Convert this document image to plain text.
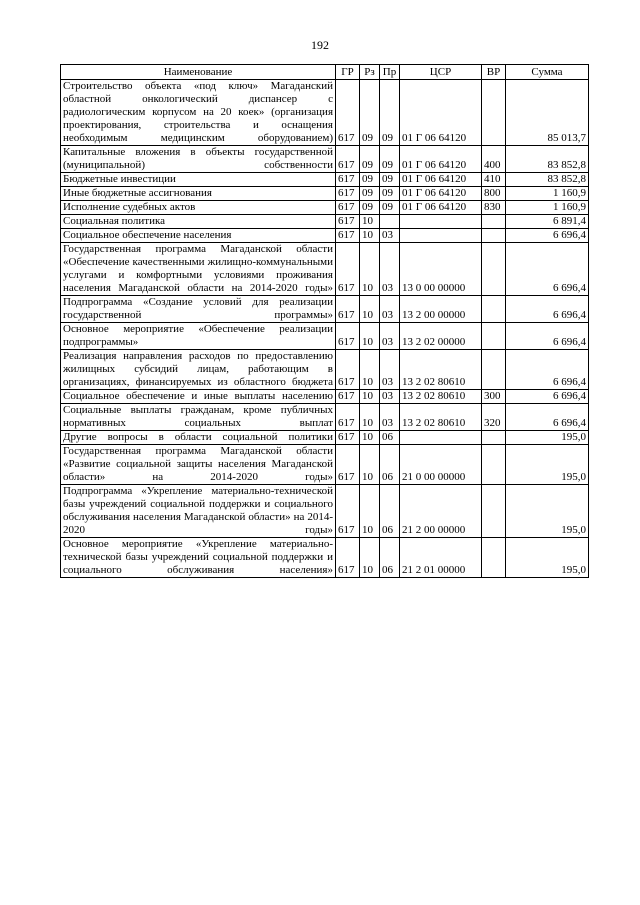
192
Наименование	ГР	Рз	Пр	ЦСР	ВР	Сумма
Строительство объекта «под ключ» Магаданский областной онкологический диспансер с радиологическим корпусом на 20 коек» (организация проектирования, строительства и оснащения необходимым медицинским оборудованием)	617	09	09	01 Г 06 64120		85 013,7
Капитальные вложения в объекты государственной (муниципальной) собственности	617	09	09	01 Г 06 64120	400	83 852,8
Бюджетные инвестиции	617	09	09	01 Г 06 64120	410	83 852,8
Иные бюджетные ассигнования	617	09	09	01 Г 06 64120	800	1 160,9
Исполнение судебных актов	617	09	09	01 Г 06 64120	830	1 160,9
Социальная политика	617	10				6 891,4
Социальное обеспечение населения	617	10	03			6 696,4
Государственная программа Магаданской области «Обеспечение качественными жилищно-коммунальными услугами и комфортными условиями проживания населения Магаданской области на 2014-2020 годы»	617	10	03	13 0 00 00000		6 696,4
Подпрограмма «Создание условий для реализации государственной программы»	617	10	03	13 2 00 00000		6 696,4
Основное мероприятие «Обеспечение реализации подпрограммы»	617	10	03	13 2 02 00000		6 696,4
Реализация направления расходов по предоставлению жилищных субсидий лицам, работающим в организациях, финансируемых из областного бюджета	617	10	03	13 2 02 80610		6 696,4
Социальное обеспечение и иные выплаты населению	617	10	03	13 2 02 80610	300	6 696,4
Социальные выплаты гражданам, кроме публичных нормативных социальных выплат	617	10	03	13 2 02 80610	320	6 696,4
Другие вопросы в области социальной политики	617	10	06			195,0
Государственная программа Магаданской области «Развитие социальной защиты населения Магаданской области» на 2014-2020 годы»	617	10	06	21 0 00 00000		195,0
Подпрограмма «Укрепление материально-технической базы учреждений социальной поддержки и социального обслуживания населения Магаданской области» на 2014-2020 годы»	617	10	06	21 2 00 00000		195,0
Основное мероприятие «Укрепление материально-технической базы учреждений социальной поддержки и социального обслуживания населения»	617	10	06	21 2 01 00000		195,0
